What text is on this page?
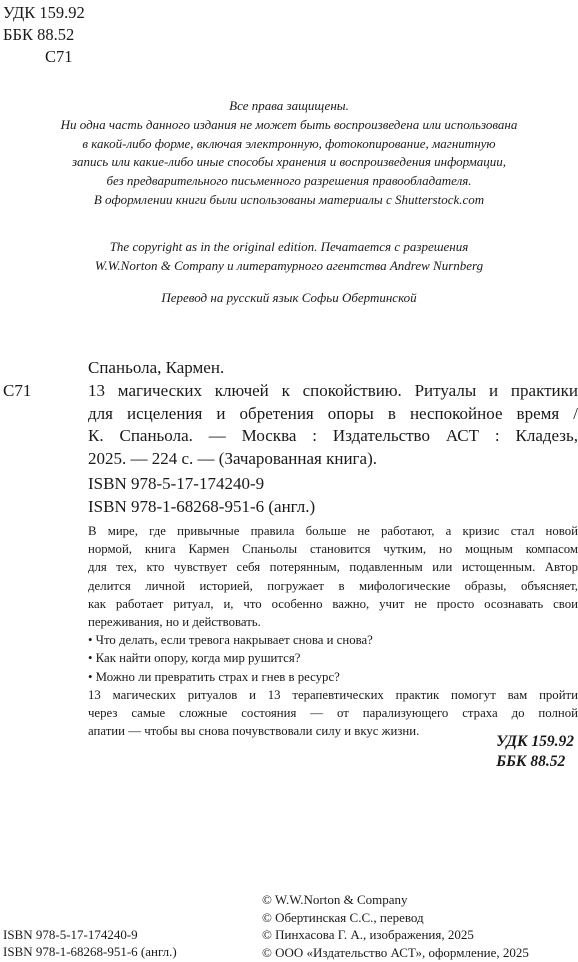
УДК 159.92
ББК 88.52
С71
Все права защищены.
Ни одна часть данного издания не может быть воспроизведена или использована
в какой-либо форме, включая электронную, фотокопирование, магнитную
запись или какие-либо иные способы хранения и воспроизведения информации,
без предварительного письменного разрешения правообладателя.
В оформлении книги были использованы материалы с Shutterstock.com
The copyright as in the original edition. Печатается с разрешения
W.W.Norton & Company и литературного агентства Andrew Nurnberg
Перевод на русский язык Софьи Обертинской
Спаньола, Кармен.
С71	13 магических ключей к спокойствию. Ритуалы и практики
для исцеления и обретения опоры в неспокойное время /
К. Спаньола. — Москва : Издательство АСТ : Кладезь,
2025. — 224 с. — (Зачарованная книга).
ISBN 978-5-17-174240-9
ISBN 978-1-68268-951-6 (англ.)
В мире, где привычные правила больше не работают, а кризис стал новой
нормой, книга Кармен Спаньолы становится чутким, но мощным компасом
для тех, кто чувствует себя потерянным, подавленным или истощенным. Автор
делится личной историей, погружает в мифологические образы, объясняет,
как работает ритуал, и, что особенно важно, учит не просто осознавать свои
переживания, но и действовать.
• Что делать, если тревога накрывает снова и снова?
• Как найти опору, когда мир рушится?
• Можно ли превратить страх и гнев в ресурс?
13 магических ритуалов и 13 терапевтических практик помогут вам пройти
через самые сложные состояния — от парализующего страха до полной
апатии — чтобы вы снова почувствовали силу и вкус жизни.
УДК 159.92
ББК 88.52
ISBN 978-5-17-174240-9
ISBN 978-1-68268-951-6 (англ.)
© W.W.Norton & Company
© Обертинская С.С., перевод
© Пинхасова Г. А., изображения, 2025
© ООО «Издательство АСТ», оформление, 2025
